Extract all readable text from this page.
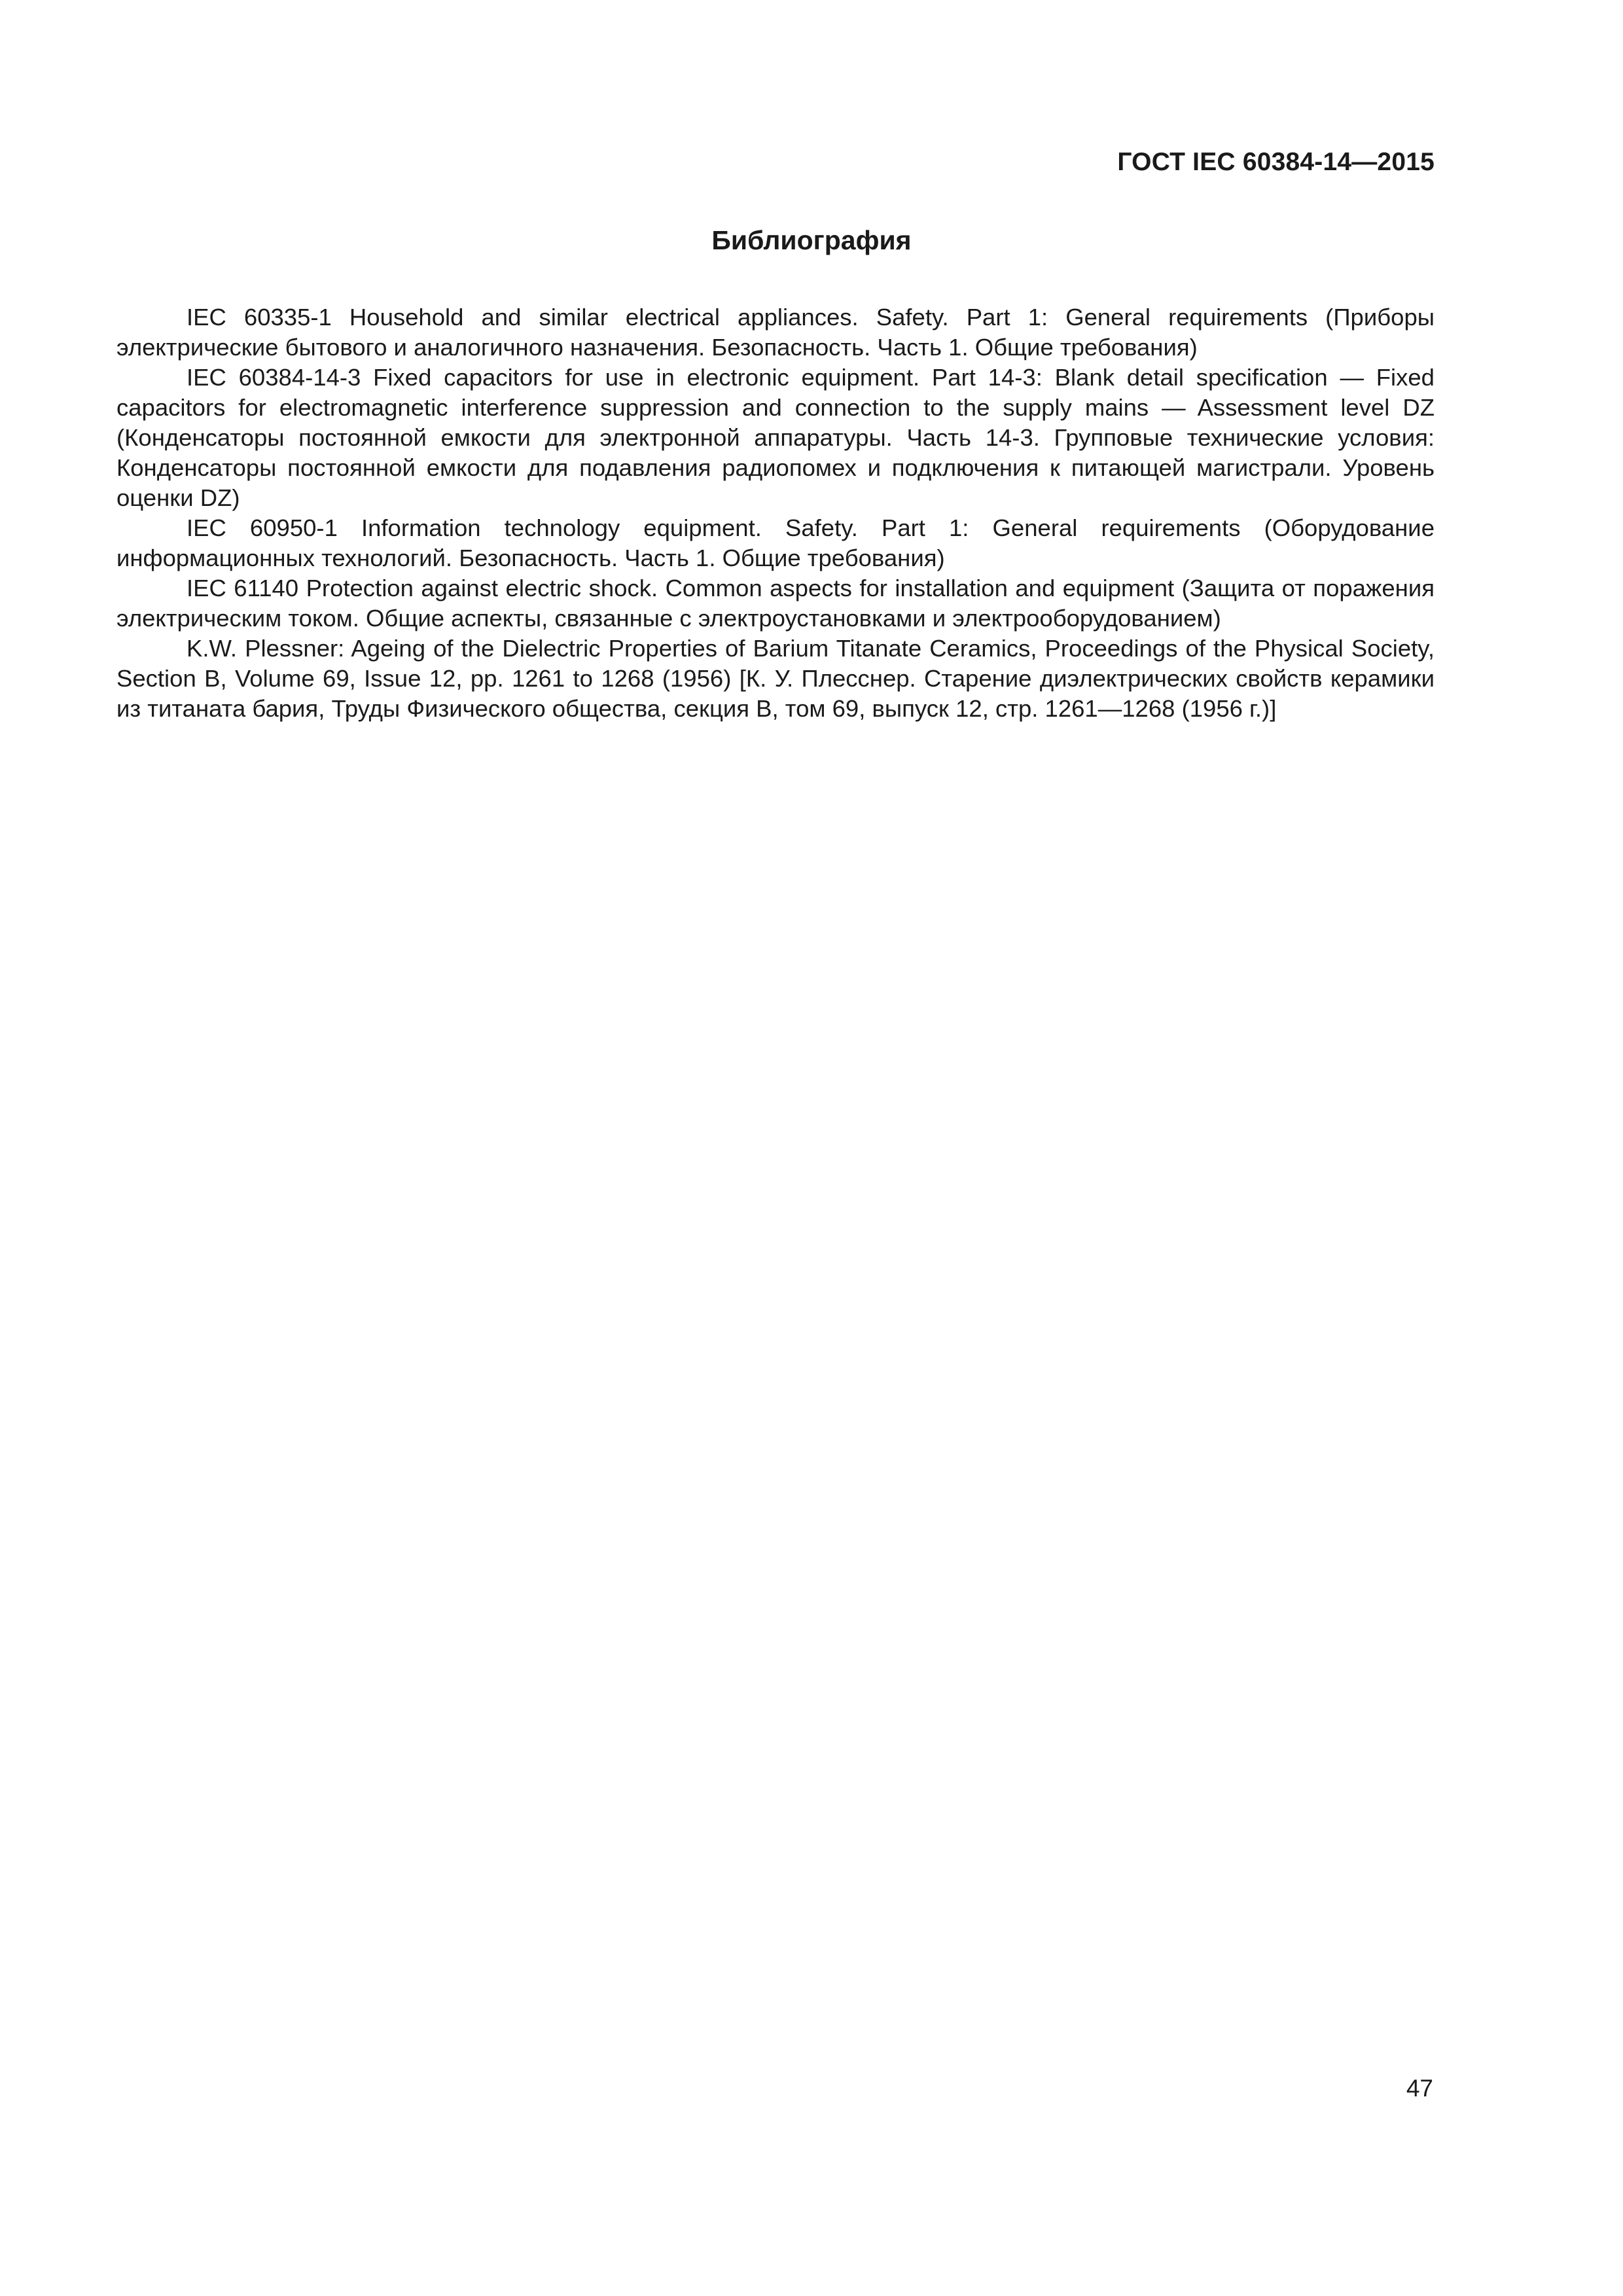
ГОСТ IEC 60384-14—2015
Библиография
IEC 60335-1 Household and similar electrical appliances. Safety. Part 1: General requirements (Приборы электрические бытового и аналогичного назначения. Безопасность. Часть 1. Общие требования)
IEC 60384-14-3 Fixed capacitors for use in electronic equipment. Part 14-3: Blank detail specification — Fixed capacitors for electromagnetic interference suppression and connection to the supply mains — Assessment level DZ (Конденсаторы постоянной емкости для электронной аппаратуры. Часть 14-3. Групповые технические условия: Конденсаторы постоянной емкости для подавления радиопомех и подключения к питающей магистрали. Уровень оценки DZ)
IEC 60950-1 Information technology equipment. Safety. Part 1: General requirements (Оборудование информационных технологий. Безопасность. Часть 1. Общие требования)
IEC 61140 Protection against electric shock. Common aspects for installation and equipment (Защита от поражения электрическим током. Общие аспекты, связанные с электроустановками и электрооборудованием)
K.W. Plessner: Ageing of the Dielectric Properties of Barium Titanate Ceramics, Proceedings of the Physical Society, Section B, Volume 69, Issue 12, pp. 1261 to 1268 (1956) [К. У. Плесснер. Старение диэлектрических свойств керамики из титаната бария, Труды Физического общества, секция B, том 69, выпуск 12, стр. 1261—1268 (1956 г.)]
47
